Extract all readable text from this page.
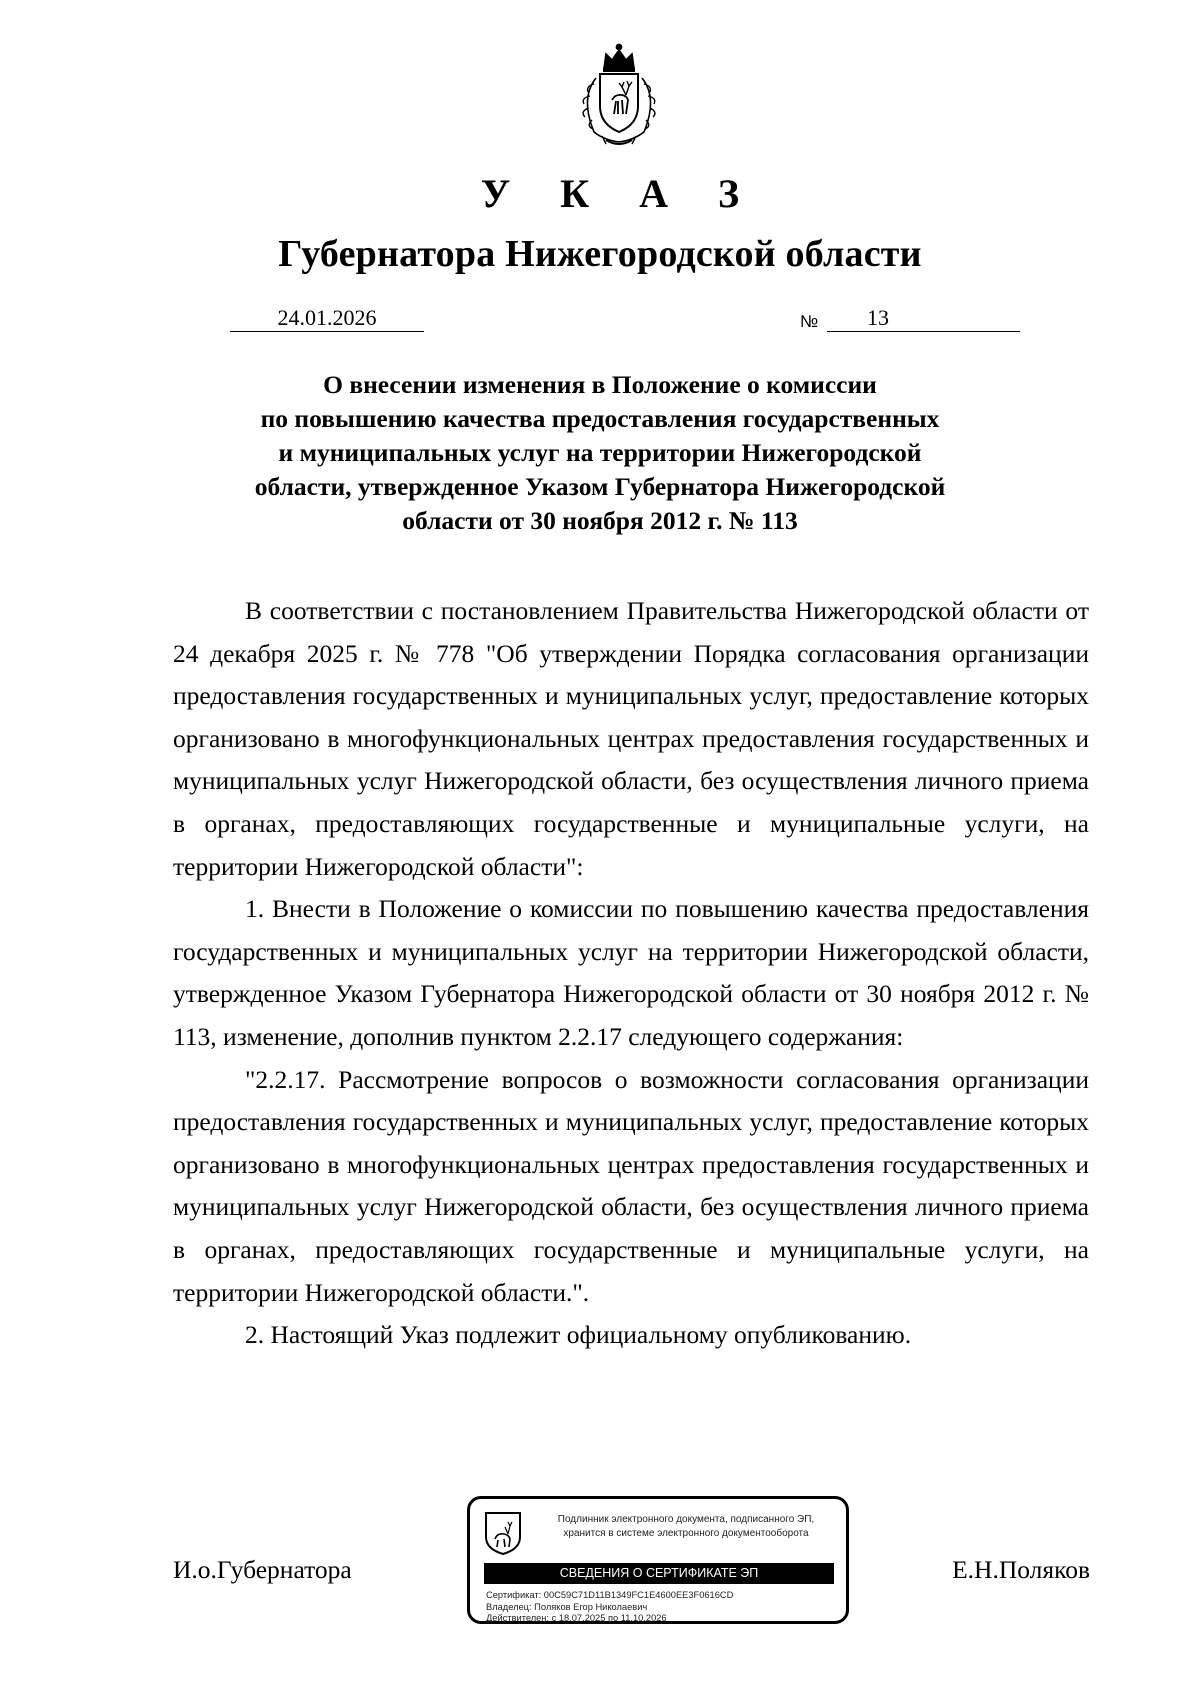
У К А З
Губернатора Нижегородской области
24.01.2026	№ 13
О внесении изменения в Положение о комиссии
по повышению качества предоставления государственных
и муниципальных услуг на территории Нижегородской
области, утвержденное Указом Губернатора Нижегородской
области от 30 ноября 2012 г. № 113

В соответствии с постановлением Правительства Нижегородской области от 24 декабря 2025 г. № 778 "Об утверждении Порядка согласования организации предоставления государственных и муниципальных услуг, предоставление которых организовано в многофункциональных центрах предоставления государственных и муниципальных услуг Нижегородской области, без осуществления личного приема в органах, предоставляющих государственные и муниципальные услуги, на территории Нижегородской области":

1. Внести в Положение о комиссии по повышению качества предоставления государственных и муниципальных услуг на территории Нижегородской области, утвержденное Указом Губернатора Нижегородской области от 30 ноября 2012 г. № 113, изменение, дополнив пунктом 2.2.17 следующего содержания:

"2.2.17. Рассмотрение вопросов о возможности согласования организации предоставления государственных и муниципальных услуг, предоставление которых организовано в многофункциональных центрах предоставления государственных и муниципальных услуг Нижегородской области, без осуществления личного приема в органах, предоставляющих государственные и муниципальные услуги, на территории Нижегородской области.".

2. Настоящий Указ подлежит официальному опубликованию.

И.о.Губернатора	Е.Н.Поляков
Подлинник электронного документа, подписанного ЭП,
хранится в системе электронного документооборота
СВЕДЕНИЯ О СЕРТИФИКАТЕ ЭП
Сертификат: 00C59C71D11B1349FC1E4600EE3F0616CD
Владелец: Поляков Егор Николаевич
Действителен: с 18.07.2025 по 11.10.2026
